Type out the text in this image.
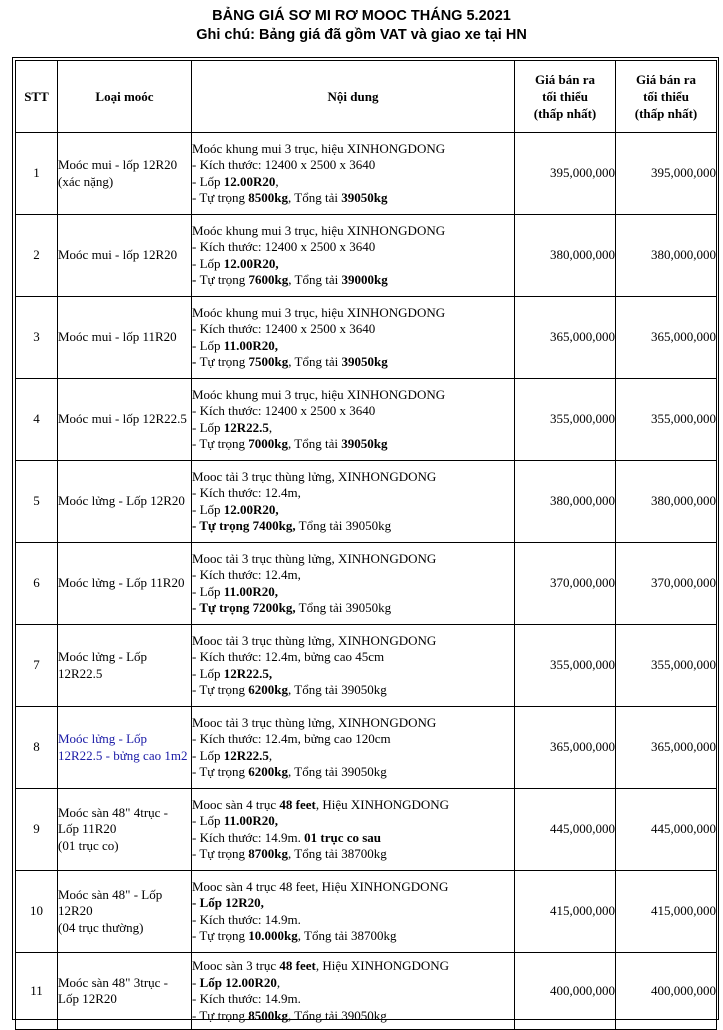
BẢNG GIÁ SƠ MI RƠ MOOC THÁNG 5.2021
Ghi chú: Bảng giá đã gồm VAT và giao xe tại HN
STT	Loại moóc	Nội dung	Giá bán ra
tối thiểu
(thấp nhất)	Giá bán ra
tối thiểu
(thấp nhất)

1	Moóc mui - lốp 12R20
(xác nặng)	Moóc khung mui 3 trục, hiệu XINHONGDONG
- Kích thước: 12400 x 2500 x 3640
- Lốp 12.00R20,
- Tự trọng 8500kg, Tổng tải 39050kg	395,000,000	395,000,000
2	Moóc mui - lốp 12R20	Moóc khung mui 3 trục, hiệu XINHONGDONG
- Kích thước: 12400 x 2500 x 3640
- Lốp 12.00R20,
- Tự trọng 7600kg, Tổng tải 39000kg	380,000,000	380,000,000
3	Moóc mui - lốp 11R20	Moóc khung mui 3 trục, hiệu XINHONGDONG
- Kích thước: 12400 x 2500 x 3640
- Lốp 11.00R20,
- Tự trọng 7500kg, Tổng tải 39050kg	365,000,000	365,000,000
4	Moóc mui - lốp 12R22.5	Moóc khung mui 3 trục, hiệu XINHONGDONG
- Kích thước: 12400 x 2500 x 3640
- Lốp 12R22.5,
- Tự trọng 7000kg, Tổng tải 39050kg	355,000,000	355,000,000
5	Moóc lửng - Lốp 12R20	Mooc tải 3 trục thùng lửng, XINHONGDONG
- Kích thước: 12.4m,
- Lốp 12.00R20,
- Tự trọng 7400kg, Tổng tải 39050kg	380,000,000	380,000,000
6	Moóc lửng - Lốp 11R20	Mooc tải 3 trục thùng lửng, XINHONGDONG
- Kích thước: 12.4m,
- Lốp 11.00R20,
- Tự trọng 7200kg, Tổng tải 39050kg	370,000,000	370,000,000
7	Moóc lửng - Lốp
12R22.5	Mooc tải 3 trục thùng lửng, XINHONGDONG
- Kích thước: 12.4m, bửng cao 45cm
- Lốp 12R22.5,
- Tự trọng 6200kg, Tổng tải 39050kg	355,000,000	355,000,000
8	Moóc lửng - Lốp
12R22.5 - bửng cao 1m2	Mooc tải 3 trục thùng lửng, XINHONGDONG
- Kích thước: 12.4m, bửng cao 120cm
- Lốp 12R22.5,
- Tự trọng 6200kg, Tổng tải 39050kg	365,000,000	365,000,000
9	Moóc sàn 48" 4trục -
Lốp 11R20
(01 trục co)	Mooc sàn 4 trục 48 feet, Hiệu XINHONGDONG
- Lốp 11.00R20,
- Kích thước: 14.9m. 01 trục co sau
- Tự trọng 8700kg, Tổng tải 38700kg	445,000,000	445,000,000
10	Moóc sàn 48" - Lốp
12R20
(04 trục thường)	Mooc sàn 4 trục 48 feet, Hiệu XINHONGDONG
- Lốp 12R20,
- Kích thước: 14.9m.
- Tự trọng 10.000kg, Tổng tải 38700kg	415,000,000	415,000,000
11	Moóc sàn 48" 3trục -
Lốp 12R20	Mooc sàn 3 trục 48 feet, Hiệu XINHONGDONG
- Lốp 12.00R20,
- Kích thước: 14.9m.
- Tự trọng 8500kg, Tổng tải 39050kg	400,000,000	400,000,000
